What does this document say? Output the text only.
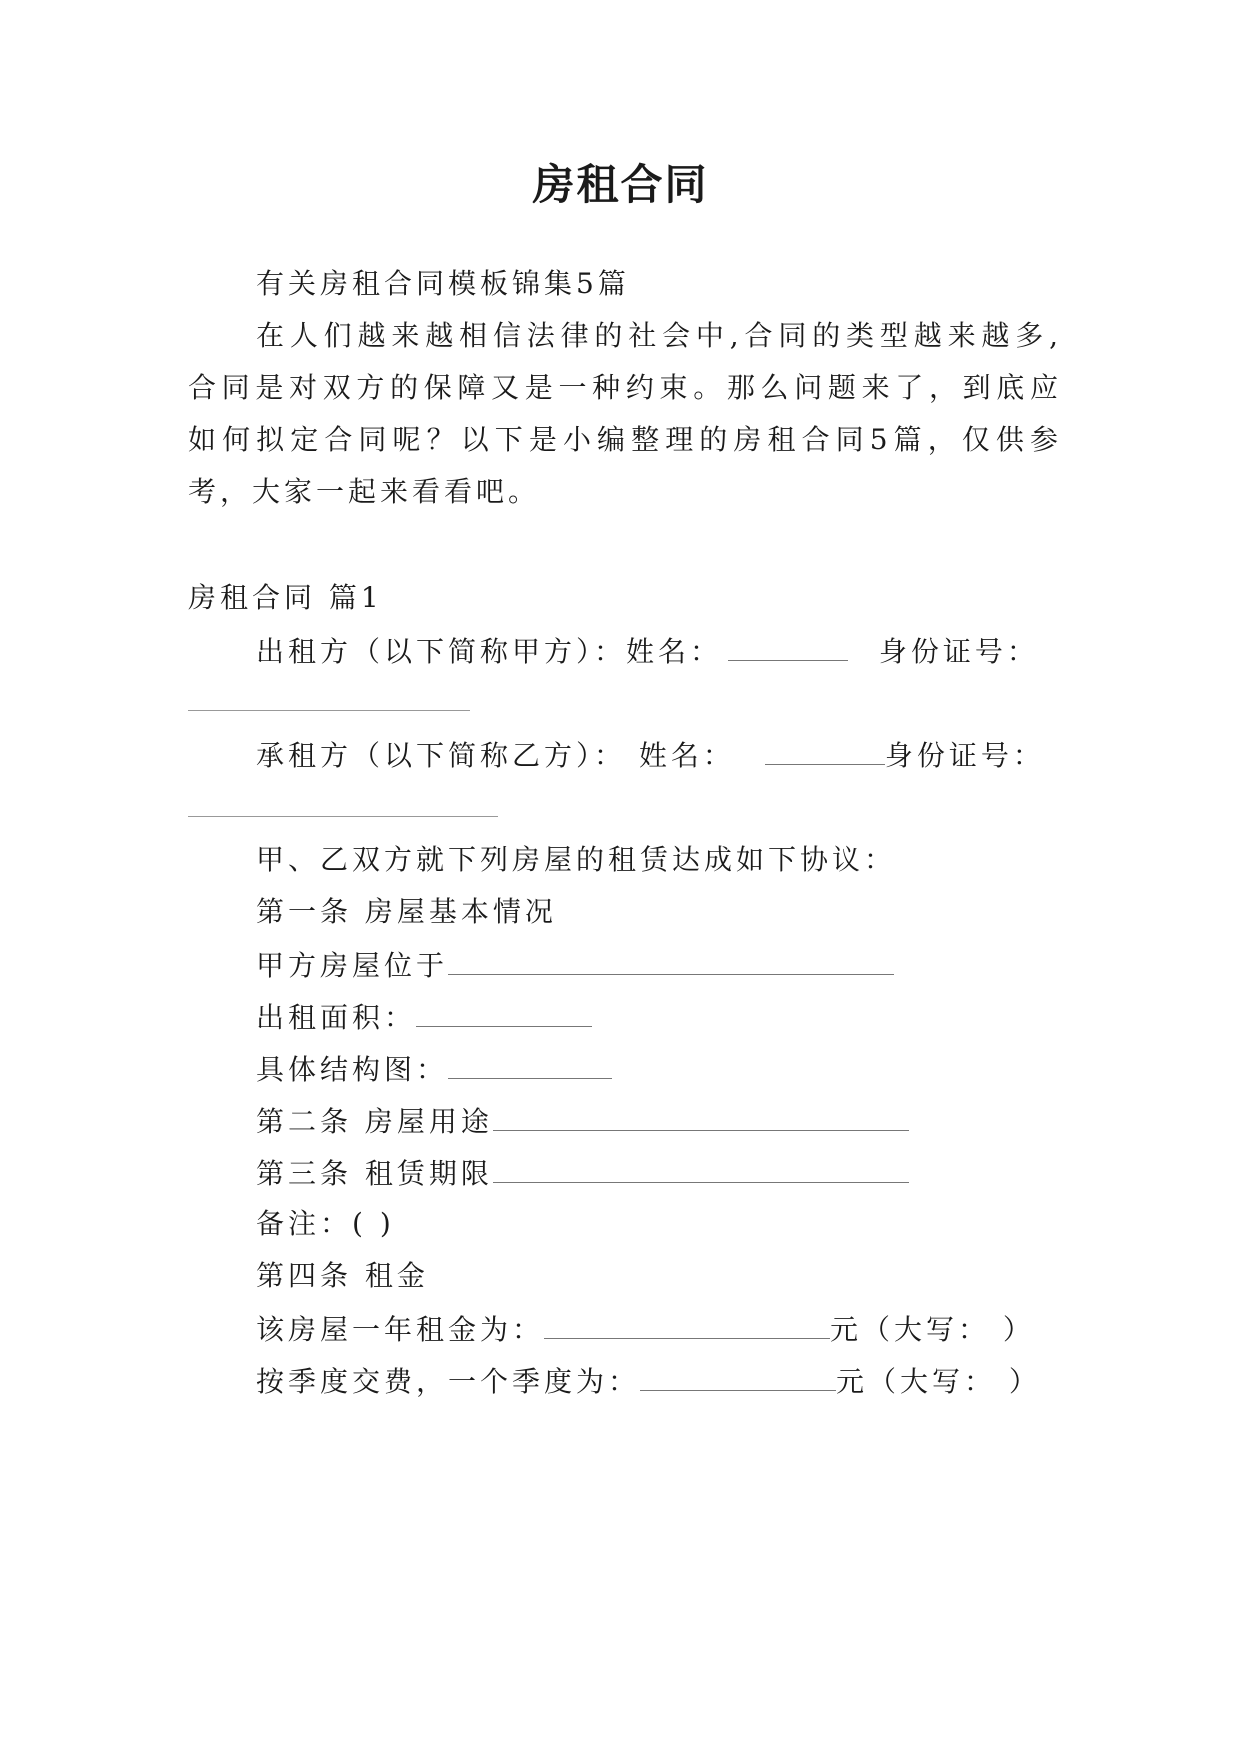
房租合同
有关房租合同模板锦集5篇
在人们越来越相信法律的社会中,合同的类型越来越多,
合同是对双方的保障又是一种约束。那么问题来了，到底应
如何拟定合同呢？以下是小编整理的房租合同5篇，仅供参
考，大家一起来看看吧。
房租合同 篇1
出租方（以下简称甲方）：姓名：	身份证号：
承租方（以下简称乙方）： 姓名：	身份证号：
甲、乙双方就下列房屋的租赁达成如下协议：
第一条 房屋基本情况
甲方房屋位于
出租面积：
具体结构图：
第二条 房屋用途
第三条 租赁期限
备注：( )
第四条 租金
该房屋一年租金为：	元（大写： ）
按季度交费，一个季度为：	元（大写： ）
